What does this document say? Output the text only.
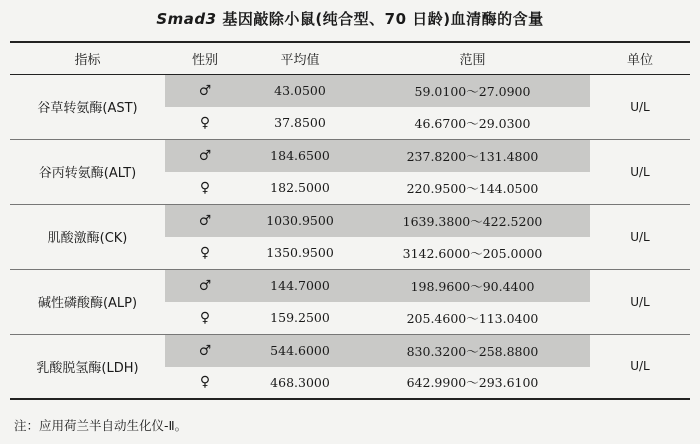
Smad3 基因敲除小鼠(纯合型、70 日龄)血清酶的含量
指标	性别	平均值	范围	单位
谷草转氨酶(AST)	♂	43.0500	59.0100～27.0900	U/L
	♀	37.8500	46.6700～29.0300	
谷丙转氨酶(ALT)	♂	184.6500	237.8200～131.4800	U/L
	♀	182.5000	220.9500～144.0500	
肌酸激酶(CK)	♂	1030.9500	1639.3800～422.5200	U/L
	♀	1350.9500	3142.6000～205.0000	
碱性磷酸酶(ALP)	♂	144.7000	198.9600～90.4400	U/L
	♀	159.2500	205.4600～113.0400	
乳酸脱氢酶(LDH)	♂	544.6000	830.3200～258.8800	U/L
	♀	468.3000	642.9900～293.6100	
注：应用荷兰半自动生化仪-Ⅱ。
